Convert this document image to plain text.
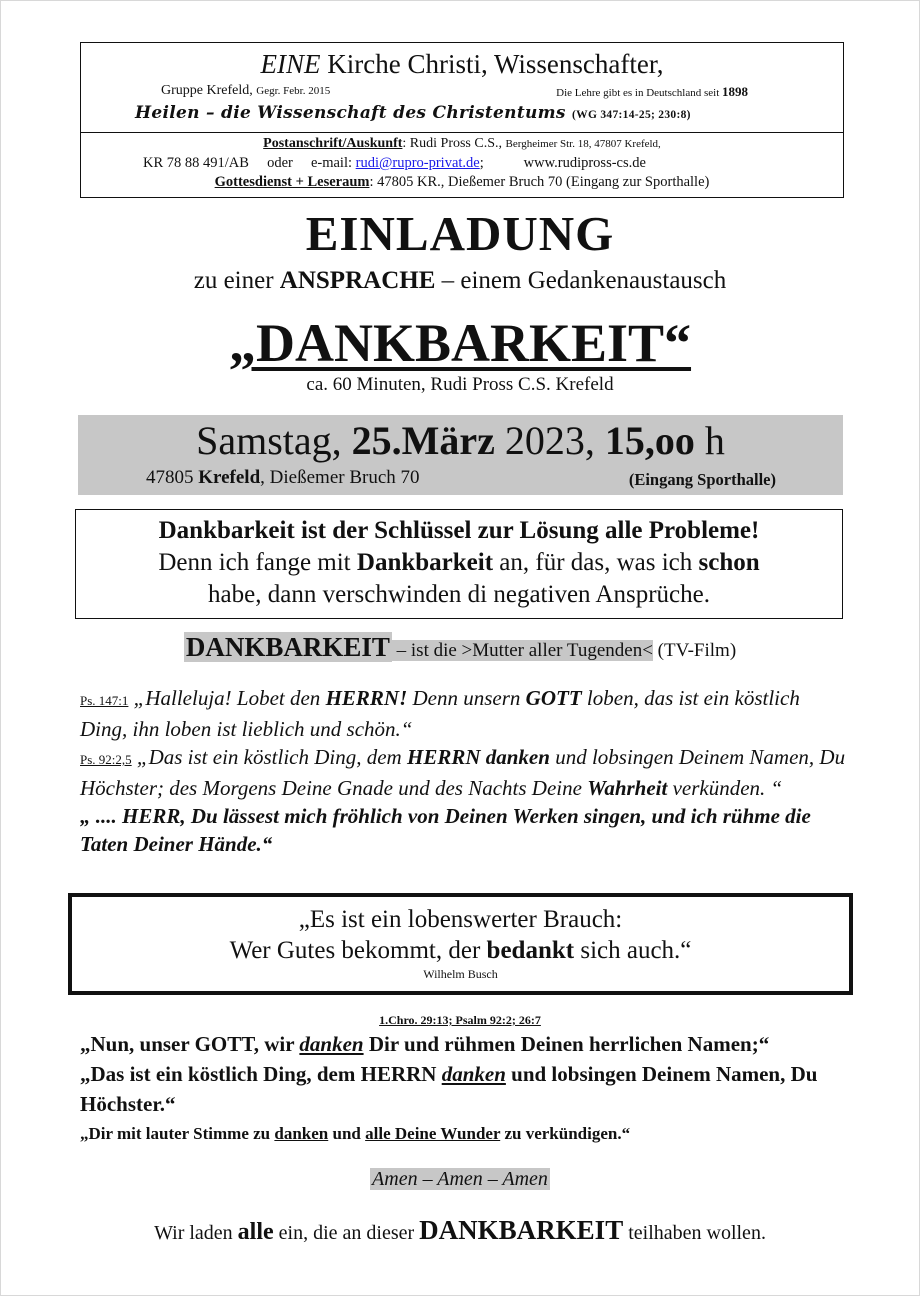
EINE Kirche Christi, Wissenschafter,
Gruppe Krefeld, Gegr. Febr. 2015	Die Lehre gibt es in Deutschland seit 1898
Heilen – die Wissenschaft des Christentums (WG 347:14-25; 230:8)
Postanschrift/Auskunft: Rudi Pross C.S., Bergheimer Str. 18, 47807 Krefeld,
KR 78 88 491/AB     oder     e-mail: rudi@rupro-privat.de;           www.rudipross-cs.de
Gottesdienst + Leseraum: 47805 KR., Dießemer Bruch 70 (Eingang zur Sporthalle)
EINLADUNG
zu einer ANSPRACHE – einem Gedankenaustausch
„DANKBARKEIT“
ca. 60 Minuten, Rudi Pross C.S. Krefeld
Samstag, 25.März 2023, 15,oo h
47805 Krefeld, Dießemer Bruch 70	(Eingang Sporthalle)
Dankbarkeit ist der Schlüssel zur Lösung alle Probleme!
Denn ich fange mit Dankbarkeit an, für das, was ich schon
habe, dann verschwinden di negativen Ansprüche.
DANKBARKEIT – ist die >Mutter aller Tugenden< (TV-Film)
Ps. 147:1 „Halleluja! Lobet den HERRN! Denn unsern GOTT loben, das ist ein köstlich Ding, ihn loben ist lieblich und schön.“
Ps. 92:2,5 „Das ist ein köstlich Ding, dem HERRN danken und lobsingen Deinem Namen, Du Höchster; des Morgens Deine Gnade und des Nachts Deine Wahrheit verkünden. “
„ .... HERR, Du lässest mich fröhlich von Deinen Werken singen, und ich rühme die Taten Deiner Hände.“
„Es ist ein lobenswerter Brauch:
Wer Gutes bekommt, der bedankt sich auch.“
Wilhelm Busch
1.Chro. 29:13; Psalm 92:2; 26:7
„Nun, unser GOTT, wir danken Dir und rühmen Deinen herrlichen Namen;“
„Das ist ein köstlich Ding, dem HERRN danken und lobsingen Deinem Namen, Du Höchster.“
„Dir mit lauter Stimme zu danken und alle Deine Wunder zu verkündigen.“
Amen – Amen – Amen
Wir laden alle ein, die an dieser DANKBARKEIT teilhaben wollen.
